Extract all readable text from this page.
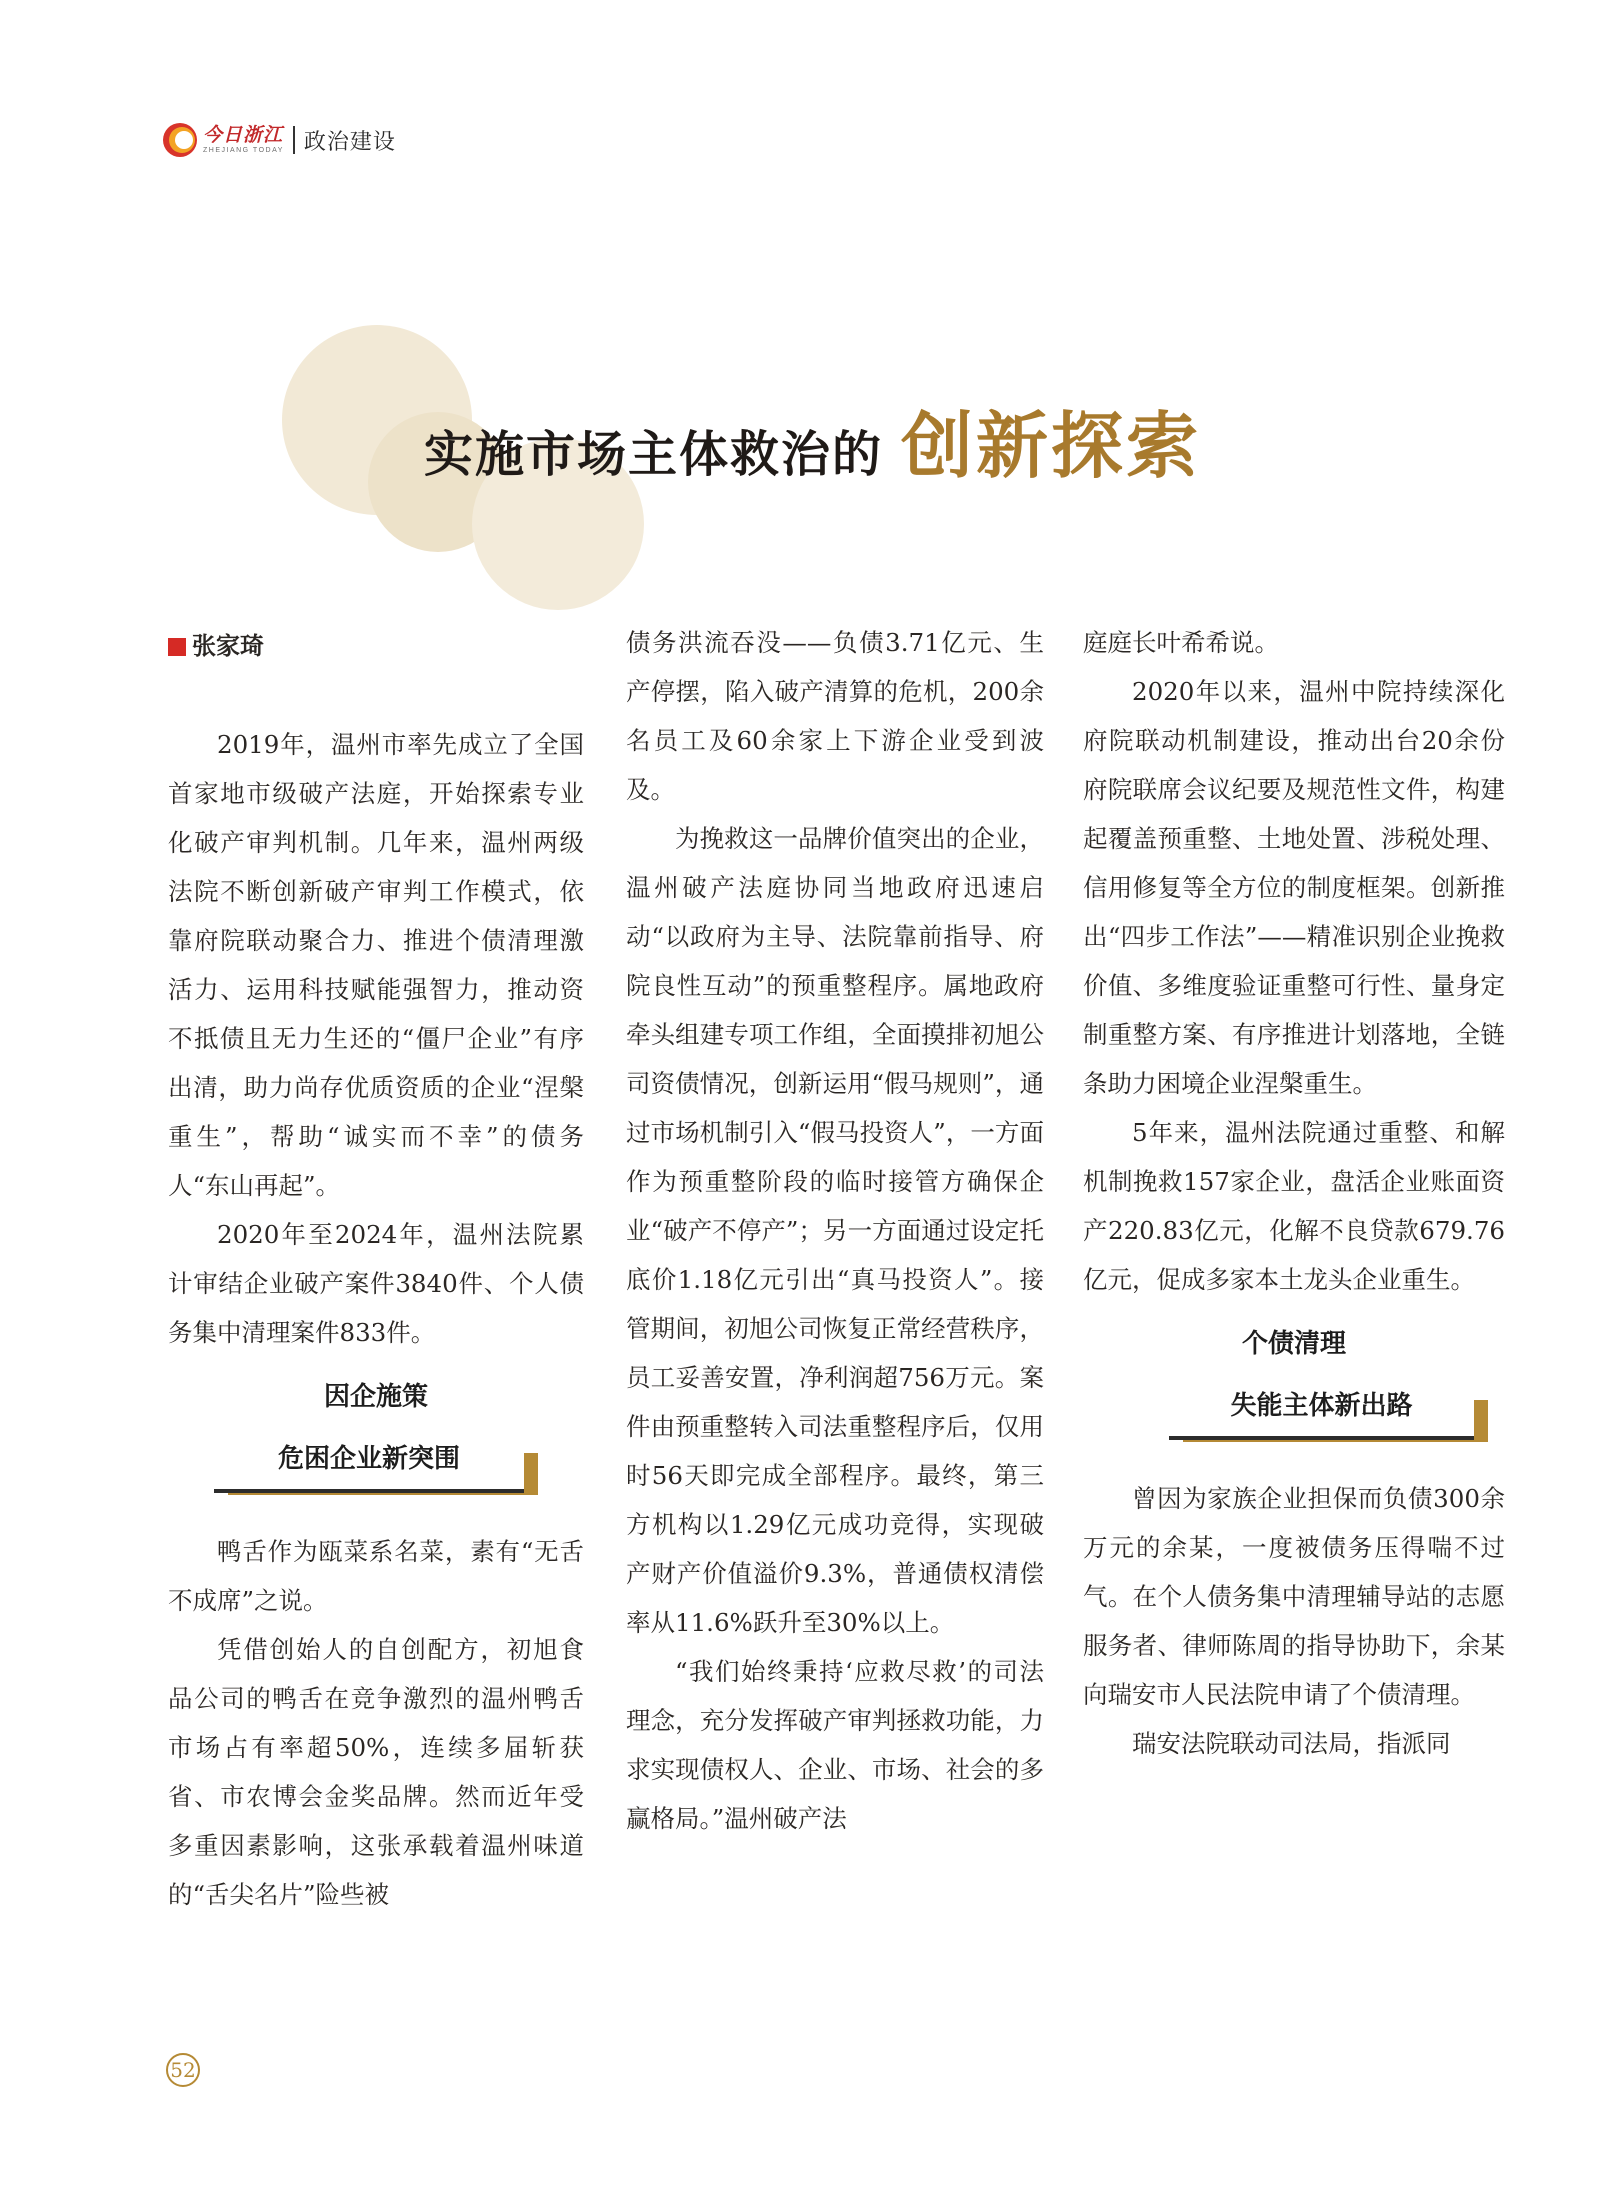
今日浙江
ZHEJIANG TODAY 政治建设
实施市场主体救治的 创新探索
张家琦

2019年，温州市率先成立了全国首家地市级破产法庭，开始探索专业化破产审判机制。几年来，温州两级法院不断创新破产审判工作模式，依靠府院联动聚合力、推进个债清理激活力、运用科技赋能强智力，推动资不抵债且无力生还的“僵尸企业”有序出清，助力尚存优质资质的企业“涅槃重生”，帮助“诚实而不幸”的债务人“东山再起”。

2020年至2024年，温州法院累计审结企业破产案件3840件、个人债务集中清理案件833件。

因企施策
危困企业新突围

鸭舌作为瓯菜系名菜，素有“无舌不成席”之说。

凭借创始人的自创配方，初旭食品公司的鸭舌在竞争激烈的温州鸭舌市场占有率超50%，连续多届斩获省、市农博会金奖品牌。然而近年受多重因素影响，这张承载着温州味道的“舌尖名片”险些被

债务洪流吞没——负债3.71亿元、生产停摆，陷入破产清算的危机，200余名员工及60余家上下游企业受到波及。

为挽救这一品牌价值突出的企业，温州破产法庭协同当地政府迅速启动“以政府为主导、法院靠前指导、府院良性互动”的预重整程序。属地政府牵头组建专项工作组，全面摸排初旭公司资债情况，创新运用“假马规则”，通过市场机制引入“假马投资人”，一方面作为预重整阶段的临时接管方确保企业“破产不停产”；另一方面通过设定托底价1.18亿元引出“真马投资人”。接管期间，初旭公司恢复正常经营秩序，员工妥善安置，净利润超756万元。案件由预重整转入司法重整程序后，仅用时56天即完成全部程序。最终，第三方机构以1.29亿元成功竞得，实现破产财产价值溢价9.3%，普通债权清偿率从11.6%跃升至30%以上。

“我们始终秉持‘应救尽救’的司法理念，充分发挥破产审判拯救功能，力求实现债权人、企业、市场、社会的多赢格局。”温州破产法

庭庭长叶希希说。

2020年以来，温州中院持续深化府院联动机制建设，推动出台20余份府院联席会议纪要及规范性文件，构建起覆盖预重整、土地处置、涉税处理、信用修复等全方位的制度框架。创新推出“四步工作法”——精准识别企业挽救价值、多维度验证重整可行性、量身定制重整方案、有序推进计划落地，全链条助力困境企业涅槃重生。

5年来，温州法院通过重整、和解机制挽救157家企业，盘活企业账面资产220.83亿元，化解不良贷款679.76亿元，促成多家本土龙头企业重生。

个债清理
失能主体新出路

曾因为家族企业担保而负债300余万元的余某，一度被债务压得喘不过气。在个人债务集中清理辅导站的志愿服务者、律师陈周的指导协助下，余某向瑞安市人民法院申请了个债清理。

瑞安法院联动司法局，指派同

52
